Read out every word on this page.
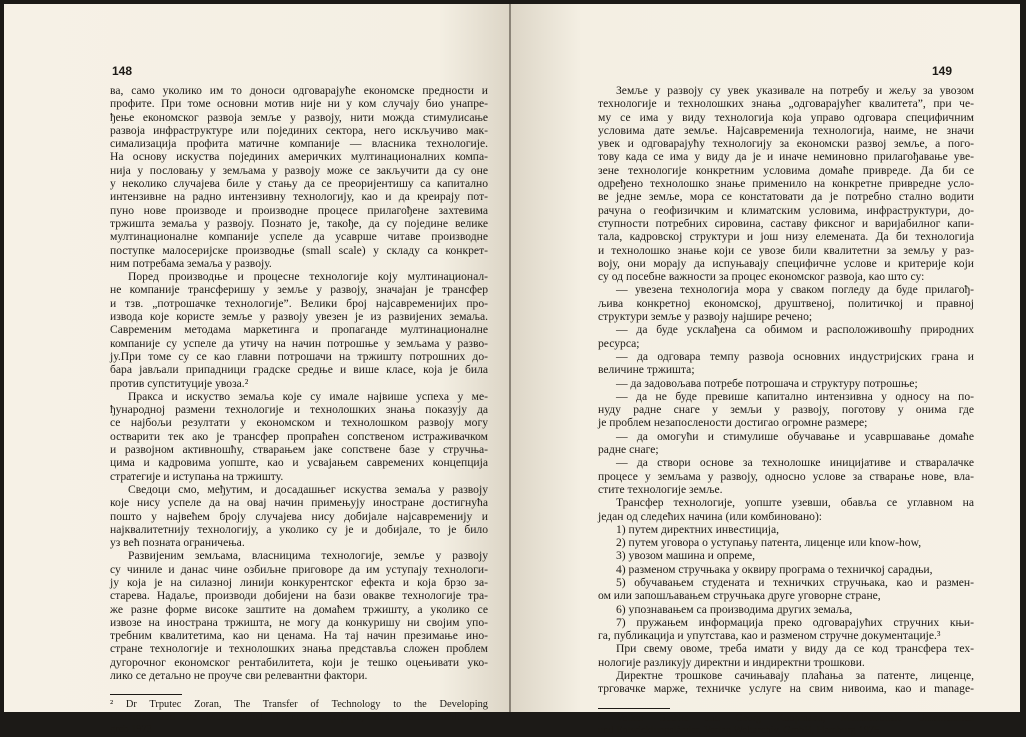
148
ва, само уколико им то доноси одговарајуће економске предности и
профите. При томе основни мотив није ни у ком случају био унапре-
ђење економског развоја земље у развоју, нити можда стимулисање
развоја инфраструктуре или појединих сектора, него искључиво мак-
симализација профита матичне компаније — власника технологије.
На основу искуства појединих америчких мултинационалних компа-
нија у пословању у земљама у развоју може се закључити да су оне
у неколико случајева биле у стању да се преоријентишу са капитално
интензивне на радно интензивну технологију, као и да креирају пот-
пуно нове производе и производне процесе прилагођене захтевима
тржишта земаља у развоју. Познато је, такође, да су поједине велике
мултинационалне компаније успеле да усаврше читаве производне
поступке малосеријске производње (small scale) у складу са конкрет-
ним потребама земаља у развоју.
Поред производње и процесне технологије коју мултинационал-
не компаније трансферишу у земље у развоју, значајан је трансфер
и тзв. „потрошачке технологије”. Велики број најсавременијих про-
извода које користе земље у развоју увезен је из развијених земаља.
Савременим методама маркетинга и пропаганде мултинационалне
компаније су успеле да утичу на начин потрошње у земљама у разво-
ју.При томе су се као главни потрошачи на тржишту потрошних до-
бара јављали припадници градске средње и више класе, која је била
против супституције увоза.²
Пракса и искуство земаља које су имале највише успеха у ме-
ђународној размени технологије и технолошких знања показују да
се најбољи резултати у економском и технолошком развоју могу
остварити тек ако је трансфер пропраћен сопственом истраживачком
и развојном активношћу, стварањем јаке сопствене базе у стручња-
цима и кадровима уопште, као и усвајањем савремених концепција
стратегије и иступања на тржишту.
Сведоци смо, међутим, и досадашњег искуства земаља у развоју
које нису успеле да на овај начин примењују иностране достигнућа
пошто у највећем броју случајева нису добијале најсавременију и
најквалитетнију технологију, а уколико су је и добијале, то је било
уз већ позната ограничења.
Развијеним земљама, власницима технологије, земље у развоју
су чиниле и данас чине озбиљне приговоре да им уступају технологи-
ју која је на силазној линији конкурентског ефекта и која брзо за-
старева. Надаље, производи добијени на бази овакве технологије тра-
же разне форме високе заштите на домаћем тржишту, а уколико се
извозе на инострана тржишта, не могу да конкуришу ни својим упо-
требним квалитетима, као ни ценама. На тај начин презимање ино-
стране технологије и технолошких знања представља сложен проблем
дугорочног економског рентабилитета, који је тешко оцењивати уко-
лико се детаљно не проуче сви релевантни фактори.
² Dr Trputec Zoran, The Transfer of Technology to the Developing
Countries and the Multinational Business Enterprise, First Round Table. Za-
greb 1973.
149
Земље у развоју су увек указивале на потребу и жељу за увозом
технологије и технолошких знања „одговарајућег квалитета”, при че-
му се има у виду технологија која управо одговара специфичним
условима дате земље. Најсавременија технологија, наиме, не значи
увек и одговарајућу технологију за економски развој земље, а пого-
тову када се има у виду да је и иначе неминовно прилагођавање уве-
зене технологије конкретним условима домаће привреде. Да би се
одређено технолошко знање применило на конкретне привредне усло-
ве једне земље, мора се констатовати да је потребно стално водити
рачуна о геофизичким и климатским условима, инфраструктури, до-
ступности потребних сировина, саставу фиксног и варијабилног капи-
тала, кадровској структури и још низу елемената. Да би технологија
и технолошко знање који се увозе били квалитетни за земљу у раз-
воју, они морају да испуњавају специфичне услове и критерије који
су од посебне важности за процес економског развоја, као што су:
— увезена технологија мора у сваком погледу да буде прилагођ-
љива конкретној економској, друштвеној, политичкој и правној
структури земље у развоју најшире речено;
— да буде усклађена са обимом и расположивошћу природних
ресурса;
— да одговара темпу развоја основних индустријских грана и
величине тржишта;
— да задовољава потребе потрошача и структуру потрошње;
— да не буде превише капитално интензивна у односу на по-
нуду радне снаге у земљи у развоју, поготову у онима где
је проблем незапослености достигао огромне размере;
— да омогући и стимулише обучавање и усавршавање домаће
радне снаге;
— да створи основе за технолошке иницијативе и стваралачке
процесе у земљама у развоју, односно услове за стварање нове, вла-
стите технологије земље.
Трансфер технологије, уопште узевши, обавља се углавном на
један од следећих начина (или комбиновано):
1) путем директних инвестиција,
2) путем уговора о уступању патента, лиценце или know-how,
3) увозом машина и опреме,
4) разменом стручњака у оквиру програма о техничкој сарадњи,
5) обучавањем студената и техничких стручњака, као и размен-
ом или запошљавањем стручњака друге уговорне стране,
6) упознавањем са производима других земаља,
7) пружањем информација преко одговарајућих стручних књи-
га, публикација и упутстава, као и разменом стручне документације.³
При свему овоме, треба имати у виду да се код трансфера тех-
нологије разликују директни и индиректни трошкови.
Директне трошкове сачињавају плаћања за патенте, лиценце,
трговачке марже, техничке услуге на свим нивоима, као и manage-
³ Volker Bethke und Georg Koopmann, Multinationale Unternehmen
und Entwicklungsländer, Verlag Weltarchiv, GmbH, Hamburg 1975.
